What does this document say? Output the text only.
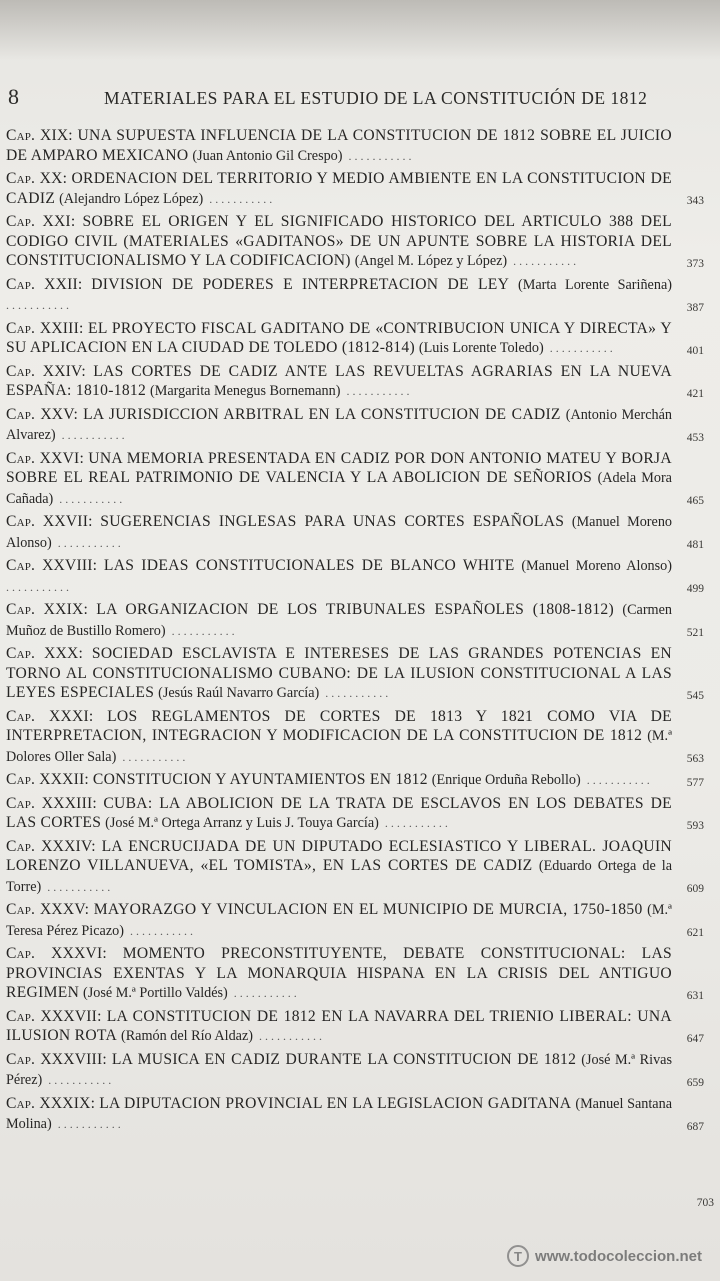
8	MATERIALES PARA EL ESTUDIO DE LA CONSTITUCIÓN DE 1812
Cap. XIX: UNA SUPUESTA INFLUENCIA DE LA CONSTITUCION DE 1812 SOBRE EL JUICIO DE AMPARO MEXICANO (Juan Antonio Gil Crespo) ...........
Cap. XX: ORDENACION DEL TERRITORIO Y MEDIO AMBIENTE EN LA CONSTITUCION DE CADIZ (Alejandro López López) ...........	343
Cap. XXI: SOBRE EL ORIGEN Y EL SIGNIFICADO HISTORICO DEL ARTICULO 388 DEL CODIGO CIVIL (MATERIALES «GADITANOS» DE UN APUNTE SOBRE LA HISTORIA DEL CONSTITUCIONALISMO Y LA CODIFICACION) (Angel M. López y López) ...........	373
Cap. XXII: DIVISION DE PODERES E INTERPRETACION DE LEY (Marta Lorente Sariñena) ...........	387
Cap. XXIII: EL PROYECTO FISCAL GADITANO DE «CONTRIBUCION UNICA Y DIRECTA» Y SU APLICACION EN LA CIUDAD DE TOLEDO (1812-814) (Luis Lorente Toledo) ...........	401
Cap. XXIV: LAS CORTES DE CADIZ ANTE LAS REVUELTAS AGRARIAS EN LA NUEVA ESPAÑA: 1810-1812 (Margarita Menegus Bornemann) ...........	421
Cap. XXV: LA JURISDICCION ARBITRAL EN LA CONSTITUCION DE CADIZ (Antonio Merchán Alvarez) ...........	453
Cap. XXVI: UNA MEMORIA PRESENTADA EN CADIZ POR DON ANTONIO MATEU Y BORJA SOBRE EL REAL PATRIMONIO DE VALENCIA Y LA ABOLICION DE SEÑORIOS (Adela Mora Cañada) ...........	465
Cap. XXVII: SUGERENCIAS INGLESAS PARA UNAS CORTES ESPAÑOLAS (Manuel Moreno Alonso) ...........	481
Cap. XXVIII: LAS IDEAS CONSTITUCIONALES DE BLANCO WHITE (Manuel Moreno Alonso) ...........	499
Cap. XXIX: LA ORGANIZACION DE LOS TRIBUNALES ESPAÑOLES (1808-1812) (Carmen Muñoz de Bustillo Romero) ...........	521
Cap. XXX: SOCIEDAD ESCLAVISTA E INTERESES DE LAS GRANDES POTENCIAS EN TORNO AL CONSTITUCIONALISMO CUBANO: DE LA ILUSION CONSTITUCIONAL A LAS LEYES ESPECIALES (Jesús Raúl Navarro García) ...........	545
Cap. XXXI: LOS REGLAMENTOS DE CORTES DE 1813 Y 1821 COMO VIA DE INTERPRETACION, INTEGRACION Y MODIFICACION DE LA CONSTITUCION DE 1812 (M.ª Dolores Oller Sala) ...........	563
Cap. XXXII: CONSTITUCION Y AYUNTAMIENTOS EN 1812 (Enrique Orduña Rebollo) ...........	577
Cap. XXXIII: CUBA: LA ABOLICION DE LA TRATA DE ESCLAVOS EN LOS DEBATES DE LAS CORTES (José M.ª Ortega Arranz y Luis J. Touya García) ...........	593
Cap. XXXIV: LA ENCRUCIJADA DE UN DIPUTADO ECLESIASTICO Y LIBERAL. JOAQUIN LORENZO VILLANUEVA, «EL TOMISTA», EN LAS CORTES DE CADIZ (Eduardo Ortega de la Torre) ...........	609
Cap. XXXV: MAYORAZGO Y VINCULACION EN EL MUNICIPIO DE MURCIA, 1750-1850 (M.ª Teresa Pérez Picazo) ...........	621
Cap. XXXVI: MOMENTO PRECONSTITUYENTE, DEBATE CONSTITUCIONAL: LAS PROVINCIAS EXENTAS Y LA MONARQUIA HISPANA EN LA CRISIS DEL ANTIGUO REGIMEN (José M.ª Portillo Valdés) ...........	631
Cap. XXXVII: LA CONSTITUCION DE 1812 EN LA NAVARRA DEL TRIENIO LIBERAL: UNA ILUSION ROTA (Ramón del Río Aldaz) ...........	647
Cap. XXXVIII: LA MUSICA EN CADIZ DURANTE LA CONSTITUCION DE 1812 (José M.ª Rivas Pérez) ...........	659
Cap. XXXIX: LA DIPUTACION PROVINCIAL EN LA LEGISLACION GADITANA (Manuel Santana Molina) ...........	687
703
T www.todocoleccion.net
